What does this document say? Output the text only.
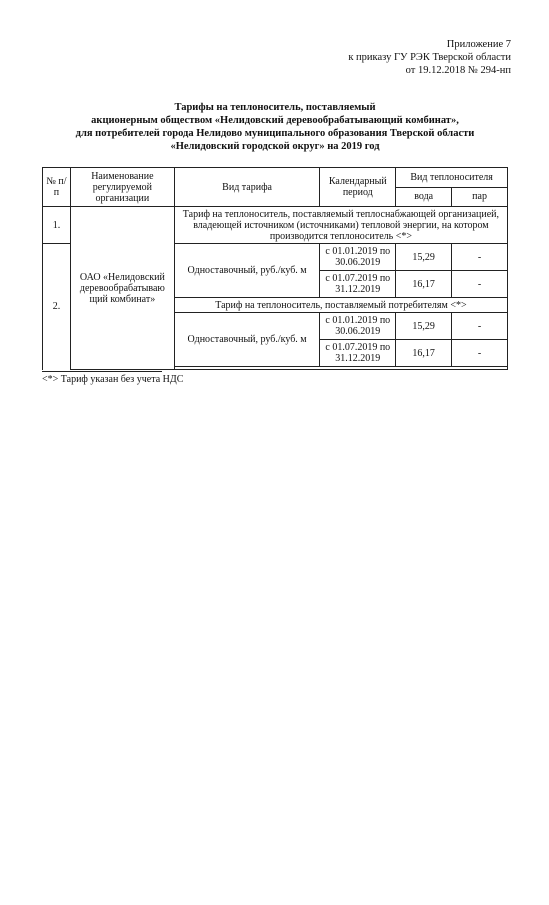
Приложение 7
к приказу ГУ РЭК Тверской области
от 19.12.2018 № 294-нп
Тарифы на теплоноситель, поставляемый
акционерным обществом «Нелидовский деревообрабатывающий комбинат»,
для потребителей города Нелидово муниципального образования Тверской области
«Нелидовский городской округ» на 2019 год
№ п/п	Наименование регулируемой организации	Вид тарифа	Календарный период	Вид теплоносителя	
				вода	пар
1.	ОАО «Нелидовский деревообрабатываю щий комбинат»	Тариф на теплоноситель, поставляемый теплоснабжающей организацией, владеющей источником (источниками) тепловой энергии, на котором производится теплоноситель <*>			
2.		Одноставочный, руб./куб. м	с 01.01.2019 по 30.06.2019	15,29	-
			с 01.07.2019 по 31.12.2019	16,17	-
		Тариф на теплоноситель, поставляемый потребителям <*>			
		Одноставочный, руб./куб. м	с 01.01.2019 по 30.06.2019	15,29	-
			с 01.07.2019 по 31.12.2019	16,17	-

<*> Тариф указан без учета НДС
